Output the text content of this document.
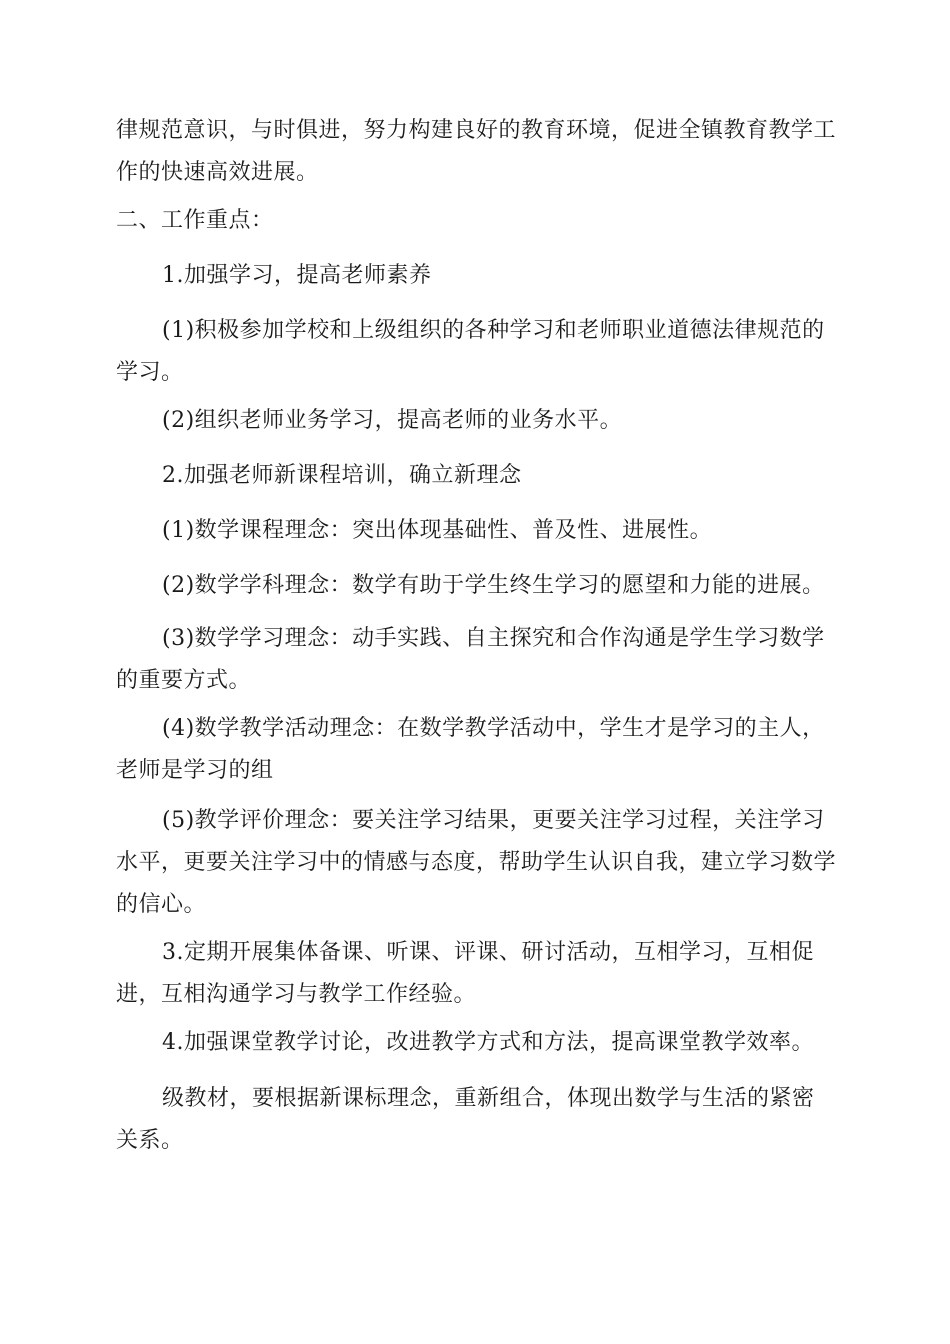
律规范意识，与时俱进，努力构建良好的教育环境，促进全镇教育教学工作的快速高效进展。

二、工作重点：

1.加强学习，提高老师素养

(1)积极参加学校和上级组织的各种学习和老师职业道德法律规范的学习。

(2)组织老师业务学习，提高老师的业务水平。

2.加强老师新课程培训，确立新理念

(1)数学课程理念：突出体现基础性、普及性、进展性。

(2)数学学科理念：数学有助于学生终生学习的愿望和力能的进展。

(3)数学学习理念：动手实践、自主探究和合作沟通是学生学习数学的重要方式。

(4)数学教学活动理念：在数学教学活动中，学生才是学习的主人，老师是学习的组

(5)教学评价理念：要关注学习结果，更要关注学习过程，关注学习水平，更要关注学习中的情感与态度，帮助学生认识自我，建立学习数学的信心。

3.定期开展集体备课、听课、评课、研讨活动，互相学习，互相促进，互相沟通学习与教学工作经验。

4.加强课堂教学讨论，改进教学方式和方法，提高课堂教学效率。

级教材，要根据新课标理念，重新组合，体现出数学与生活的紧密关系。
